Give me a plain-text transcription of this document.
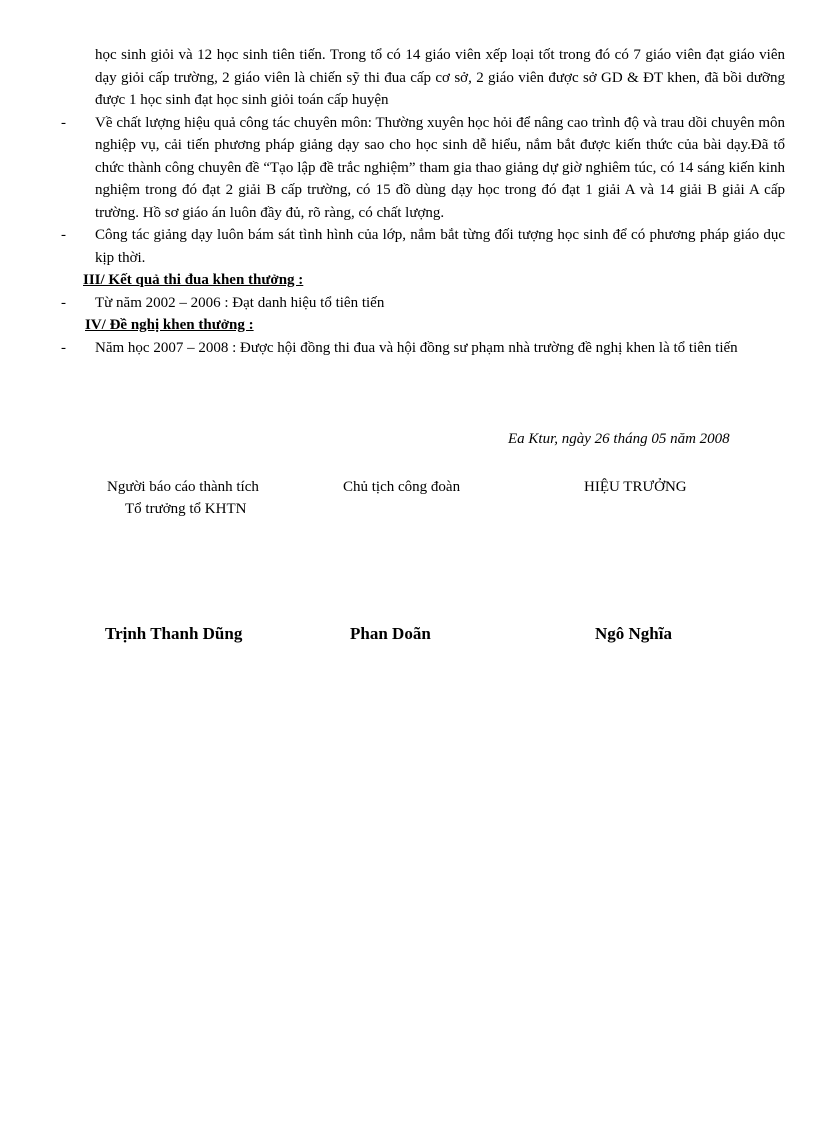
học sinh giỏi và 12 học sinh tiên tiến. Trong tổ có 14 giáo viên xếp loại tốt trong đó có 7 giáo viên đạt giáo viên dạy giỏi cấp trường, 2 giáo viên là chiến sỹ thi đua cấp cơ sở, 2 giáo viên được sở GD & ĐT khen, đã bồi dưỡng được 1 học sinh đạt học sinh giỏi toán cấp huyện

- Về chất lượng hiệu quả công tác chuyên môn: Thường xuyên học hỏi để nâng cao trình độ và trau dồi chuyên môn nghiệp vụ, cải tiến phương pháp giảng dạy sao cho học sinh dễ hiểu, nắm bắt được kiến thức của bài dạy.Đã tổ chức thành công chuyên đề “Tạo lập đề trắc nghiệm” tham gia thao giảng dự giờ nghiêm túc, có 14 sáng kiến kinh nghiệm trong đó đạt 2 giải B cấp trường, có 15 đồ dùng dạy học trong đó đạt 1 giải A và 14 giải B giải A cấp trường. Hồ sơ giáo án luôn đầy đủ, rõ ràng, có chất lượng.

- Công tác giảng dạy luôn bám sát tình hình của lớp, nắm bắt từng đối tượng học sinh để có phương pháp giáo dục kịp thời.

III/ Kết quả thi đua khen thưởng :

- Từ năm 2002 – 2006 : Đạt danh hiệu tổ tiên tiến

IV/ Đề nghị khen thưởng :

- Năm học 2007 – 2008 : Được hội đồng thi đua và hội đồng sư phạm nhà trường đề nghị khen là tổ tiên tiến

Ea Ktur, ngày 26 tháng 05 năm 2008
Người báo cáo thành tích
Tổ trưởng tổ KHTN
Chủ tịch công đoàn	HIỆU TRƯỞNG
Trịnh Thanh Dũng	Phan Doãn	Ngô Nghĩa
